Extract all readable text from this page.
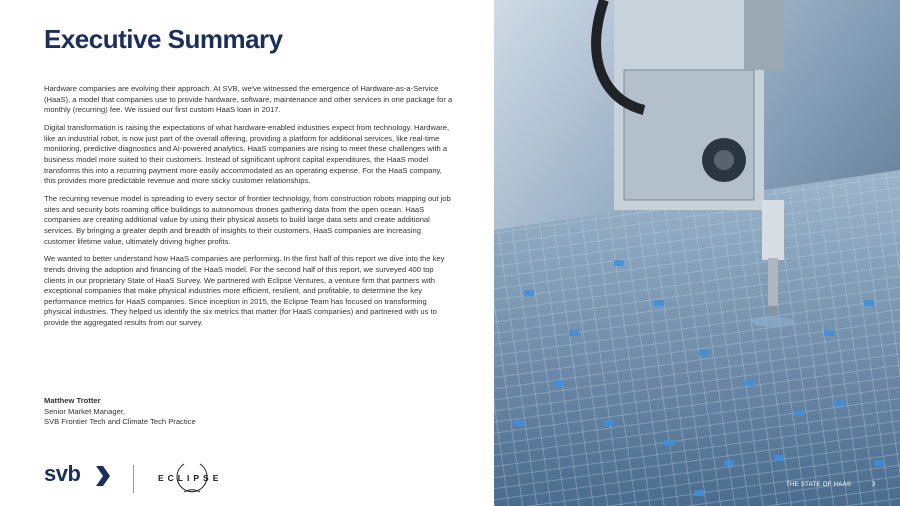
Executive Summary

Hardware companies are evolving their approach. At SVB, we've witnessed the emergence of Hardware-as-a-Service (HaaS), a model that companies use to provide hardware, software, maintenance and other services in one package for a monthly (recurring) fee. We issued our first custom HaaS loan in 2017.

Digital transformation is raising the expectations of what hardware-enabled industries expect from technology. Hardware, like an industrial robot, is now just part of the overall offering, providing a platform for additional services, like real-time monitoring, predictive diagnostics and AI-powered analytics. HaaS companies are rising to meet these challenges with a business model more suited to their customers. Instead of significant upfront capital expenditures, the HaaS model transforms this into a recurring payment more easily accommodated as an operating expense. For the HaaS company, this provides more predictable revenue and more sticky customer relationships.

The recurring revenue model is spreading to every sector of frontier technology, from construction robots mapping out job sites and security bots roaming office buildings to autonomous drones gathering data from the open ocean. HaaS companies are creating additional value by using their physical assets to build large data sets and create additional services. By bringing a greater depth and breadth of insights to their customers, HaaS companies are increasing customer lifetime value, ultimately driving higher profits.

We wanted to better understand how HaaS companies are performing. In the first half of this report we dive into the key trends driving the adoption and financing of the HaaS model. For the second half of this report, we surveyed 400 top clients in our proprietary State of HaaS Survey. We partnered with Eclipse Ventures, a venture firm that partners with exceptional companies that make physical industries more efficient, resilient, and profitable, to determine the key performance metrics for HaaS companies. Since inception in 2015, the Eclipse Team has focused on transforming physical industries. They helped us identify the six metrics that matter (for HaaS companies) and partnered with us to provide the aggregated results from our survey.

Matthew Trotter
Senior Market Manager,
SVB Frontier Tech and Climate Tech Practice
svb	ECLIPSE
THE STATE OF HAAS	3
